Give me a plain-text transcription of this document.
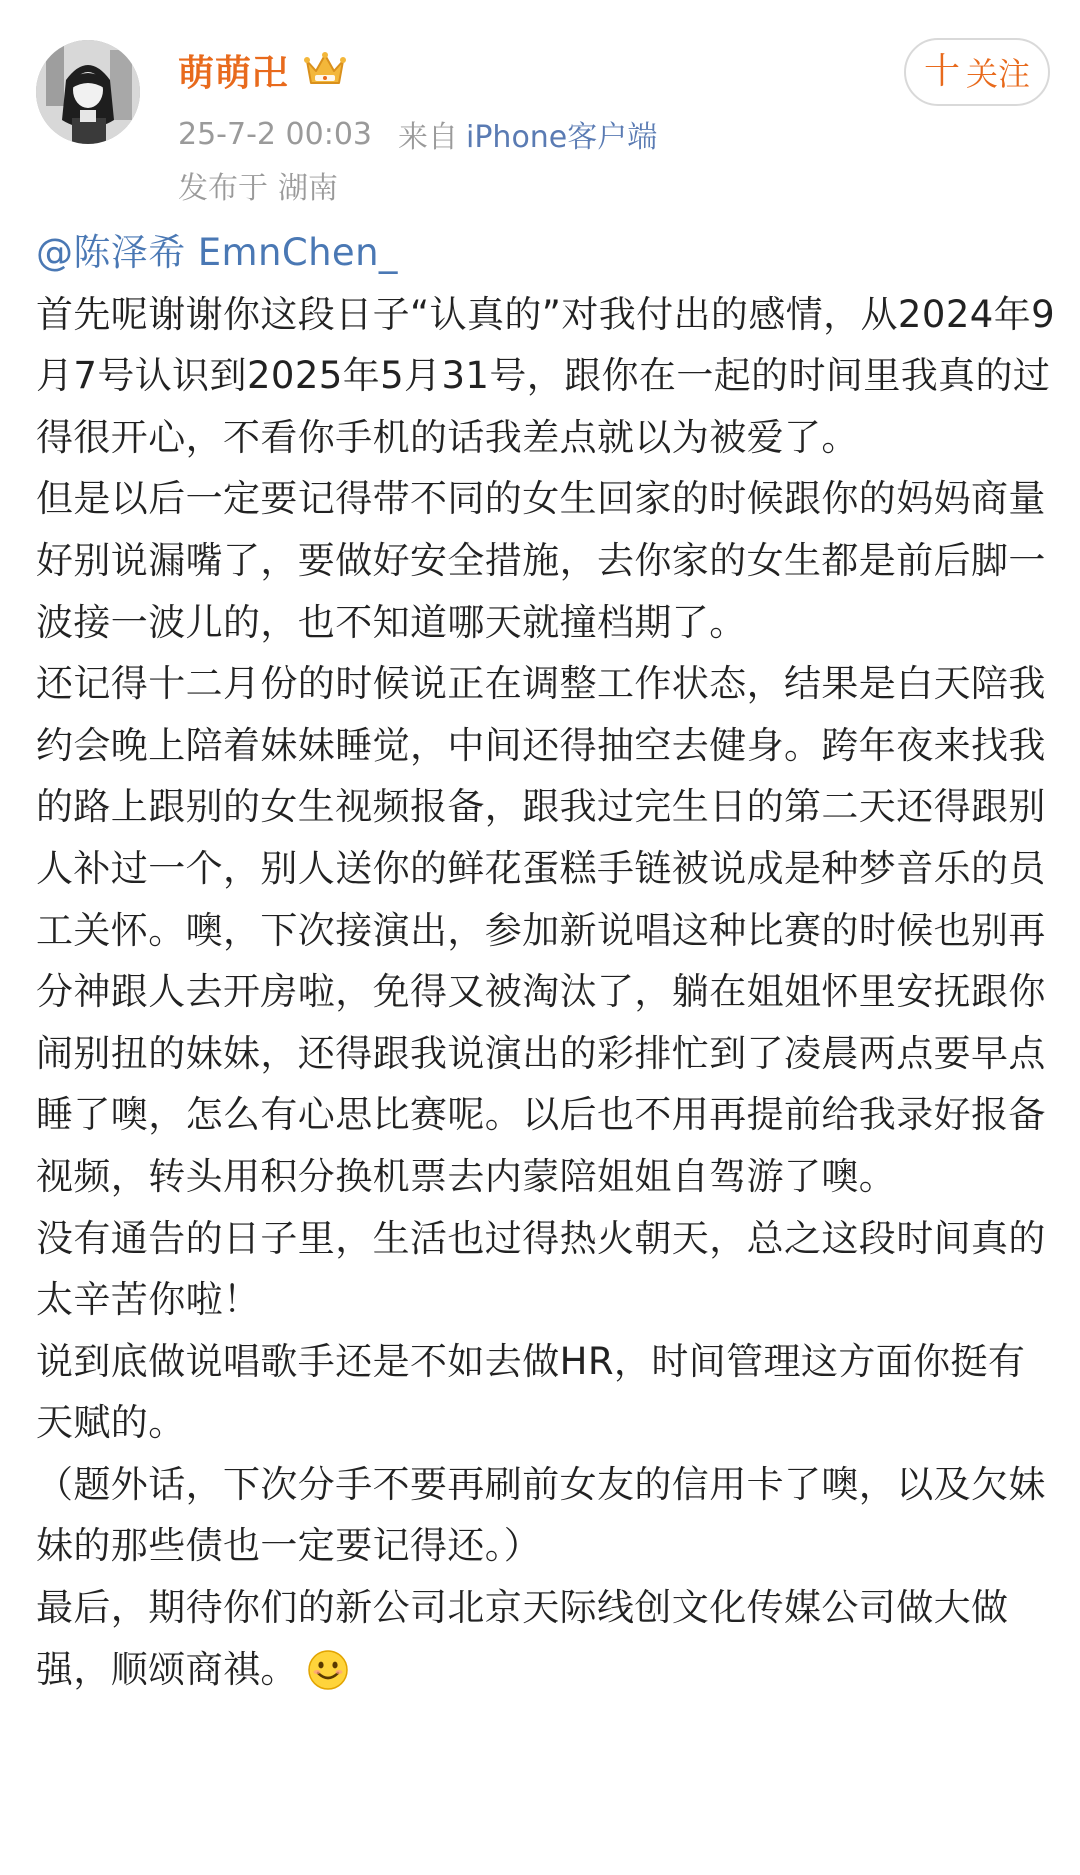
萌萌卍
25-7-2 00:03 来自 iPhone客户端
发布于 湖南
十 关注

@陈泽希 EmnChen_

首先呢谢谢你这段日子“认真的”对我付出的感情，从2024年9月7号认识到2025年5月31号，跟你在一起的时间里我真的过得很开心，不看你手机的话我差点就以为被爱了。

但是以后一定要记得带不同的女生回家的时候跟你的妈妈商量好别说漏嘴了，要做好安全措施，去你家的女生都是前后脚一波接一波儿的，也不知道哪天就撞档期了。

还记得十二月份的时候说正在调整工作状态，结果是白天陪我约会晚上陪着妹妹睡觉，中间还得抽空去健身。跨年夜来找我的路上跟别的女生视频报备，跟我过完生日的第二天还得跟别人补过一个，别人送你的鲜花蛋糕手链被说成是种梦音乐的员工关怀。噢，下次接演出，参加新说唱这种比赛的时候也别再分神跟人去开房啦，免得又被淘汰了，躺在姐姐怀里安抚跟你闹别扭的妹妹，还得跟我说演出的彩排忙到了凌晨两点要早点睡了噢，怎么有心思比赛呢。以后也不用再提前给我录好报备视频，转头用积分换机票去内蒙陪姐姐自驾游了噢。

没有通告的日子里，生活也过得热火朝天，总之这段时间真的太辛苦你啦！

说到底做说唱歌手还是不如去做HR，时间管理这方面你挺有天赋的。

（题外话，下次分手不要再刷前女友的信用卡了噢，以及欠妹妹的那些债也一定要记得还。）

最后，期待你们的新公司北京天际线创文化传媒公司做大做强，顺颂商祺。
